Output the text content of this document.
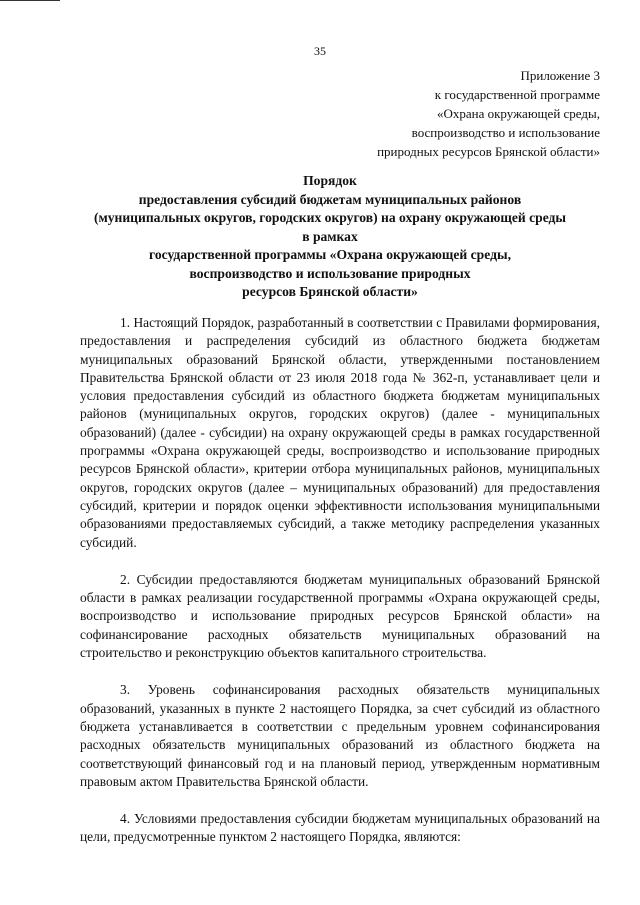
35
Приложение 3
к государственной программе
«Охрана окружающей среды,
воспроизводство и использование
природных ресурсов Брянской области»
Порядок
предоставления субсидий бюджетам муниципальных районов
(муниципальных округов, городских округов) на охрану окружающей среды
в рамках
государственной программы «Охрана окружающей среды,
воспроизводство и использование природных
ресурсов Брянской области»

1. Настоящий Порядок, разработанный в соответствии с Правилами формирования, предоставления и распределения субсидий из областного бюджета бюджетам муниципальных образований Брянской области, утвержденными постановлением Правительства Брянской области от 23 июля 2018 года № 362-п, устанавливает цели и условия предоставления субсидий из областного бюджета бюджетам муниципальных районов (муниципальных округов, городских округов) (далее - муниципальных образований) (далее - субсидии) на охрану окружающей среды в рамках государственной программы «Охрана окружающей среды, воспроизводство и использование природных ресурсов Брянской области», критерии отбора муниципальных районов, муниципальных округов, городских округов (далее – муниципальных образований) для предоставления субсидий, критерии и порядок оценки эффективности использования муниципальными образованиями предоставляемых субсидий, а также методику распределения указанных субсидий.

2. Субсидии предоставляются бюджетам муниципальных образований Брянской области в рамках реализации государственной программы «Охрана окружающей среды, воспроизводство и использование природных ресурсов Брянской области» на софинансирование расходных обязательств муниципальных образований на строительство и реконструкцию объектов капитального строительства.

3. Уровень софинансирования расходных обязательств муниципальных образований, указанных в пункте 2 настоящего Порядка, за счет субсидий из областного бюджета устанавливается в соответствии с предельным уровнем софинансирования расходных обязательств муниципальных образований из областного бюджета на соответствующий финансовый год и на плановый период, утвержденным нормативным правовым актом Правительства Брянской области.

4. Условиями предоставления субсидии бюджетам муниципальных образований на цели, предусмотренные пунктом 2 настоящего Порядка, являются:
